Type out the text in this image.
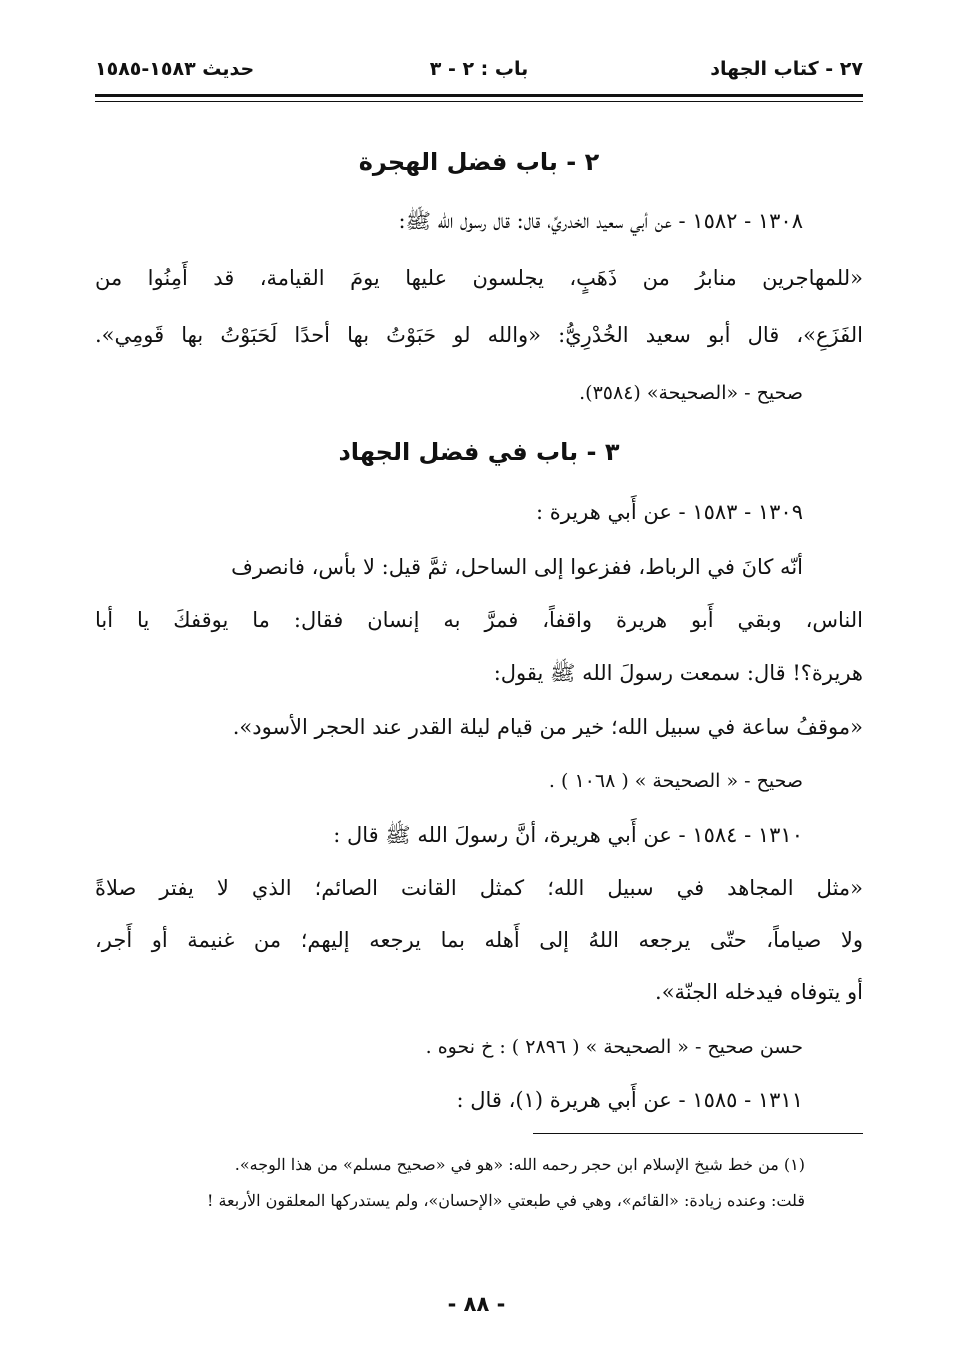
٢٧ - كتاب الجهاد
باب : ٢ - ٣
حديث ١٥٨٣-١٥٨٥
٢ - باب فضل الهجرة
١٣٠٨ - ١٥٨٢ - عن أبي سعيد الخدريِّ، قال: قال رسول الله ﷺ:
«للمهاجرين منابرُ من ذَهَبٍ، يجلسون عليها يومَ القيامة، قد أَمِنُوا من
الفَزَعِ»، قال أبو سعيد الخُدْرِيُّ: «والله لو حَبَوْتُ بها أحدًا لَحَبَوْتُ بها قَومِي».
صحيح - «الصحيحة» (٣٥٨٤).
٣ - باب في فضل الجهاد
١٣٠٩ - ١٥٨٣ - عن أَبي هريرة :
أنّه كانَ في الرباط، ففزعوا إلى الساحل، ثمَّ قيل: لا بأس، فانصرف
الناس، وبقي أَبو هريرة واقفاً، فمرَّ به إنسان فقال: ما يوقفكَ يا أبا
هريرة؟! قال: سمعت رسولَ الله ﷺ يقول:
«موقفُ ساعة في سبيل الله؛ خير من قيام ليلة القدر عند الحجر الأسود».
صحيح - « الصحيحة » ( ١٠٦٨ ) .
١٣١٠ - ١٥٨٤ - عن أَبي هريرة، أنَّ رسولَ الله ﷺ قال :
«مثل المجاهد في سبيل الله؛ كمثل القانت الصائم؛ الذي لا يفتر صلاةً
ولا صياماً، حتّى يرجعه اللهُ إلى أَهله بما يرجعه إليهم؛ من غنيمة أو أَجر،
أو يتوفاه فيدخله الجنّة».
حسن صحيح - « الصحيحة » ( ٢٨٩٦ ) : خ نحوه .
١٣١١ - ١٥٨٥ - عن أَبي هريرة (١)، قال :
(١) من خط شيخ الإسلام ابن حجر رحمه الله: «هو في «صحيح مسلم» من هذا الوجه».
قلت: وعنده زيادة: «القائم»، وهي في طبعتي «الإحسان»، ولم يستدركها المعلقون الأربعة !
- ٨٨ -
